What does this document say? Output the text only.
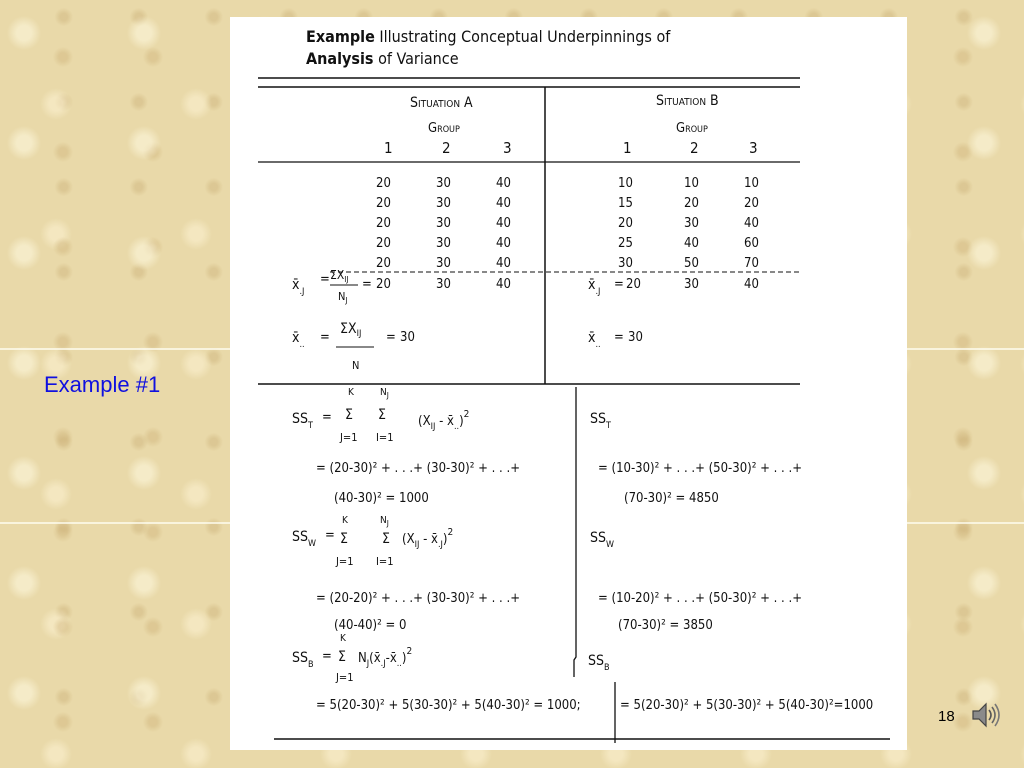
Example #1

Example Illustrating Conceptual Underpinnings of
Analysis of Variance
Situation A
Group
1	2	3
Situation B
Group
1	2	3
20	30	40
20	30	40
20	30	40
20	30	40
20	30	40
10	10	10
15	20	20
20	30	40
25	40	60
30	50	70
$x̄_{.J}$
= $\Sigma X_{IJ}$
$N_J$
= 20	30	40	$x̄_{.J} = 20$	30	40
$x̄_{..}$ =
$\Sigma X_{IJ}$
N
= 30	$x̄_{..} = 30$
K	$N_J$
$SS_T$
= Σ Σ ($X_{IJ}$ - $x̄_{..})^2$
J=1 I=1
= (20-30)² + . . .+ (30-30)² + . . .+
(40-30)² = 1000
$SS_T$
= (10-30)² + . . .+ (50-30)² + . . .+
(70-30)² = 4850
K	$N_J$
$SS_W$
= Σ Σ ($X_{IJ}$ - $x̄_{.J})^2$
J=1 I=1
= (20-20)² + . . .+ (30-30)² + . . .+
(40-40)² = 0
$SS_W$
= (10-20)² + . . .+ (50-30)² + . . .+
(70-30)² = 3850
K
$SS_B$
= Σ $N_J(x̄_{.J}-x̄_{..})^2$
J=1
= 5(20-30)² + 5(30-30)² + 5(40-30)² = 1000;
$SS_B$
= 5(20-30)² + 5(30-30)² + 5(40-30)²=1000
18
